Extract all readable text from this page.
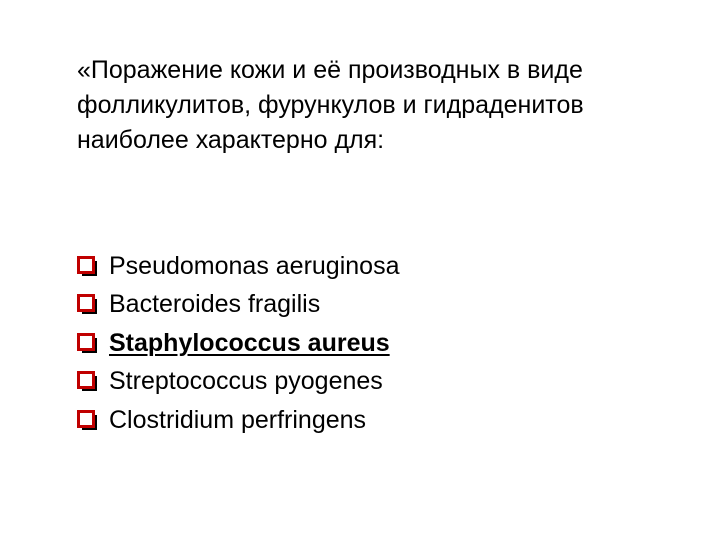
«Поражение кожи и её производных в виде фолликулитов, фурункулов и гидраденитов наиболее характерно для:

Pseudomonas aeruginosa
Bacteroides fragilis
Staphylococcus aureus
Streptococcus pyogenes
Clostridium perfringens
